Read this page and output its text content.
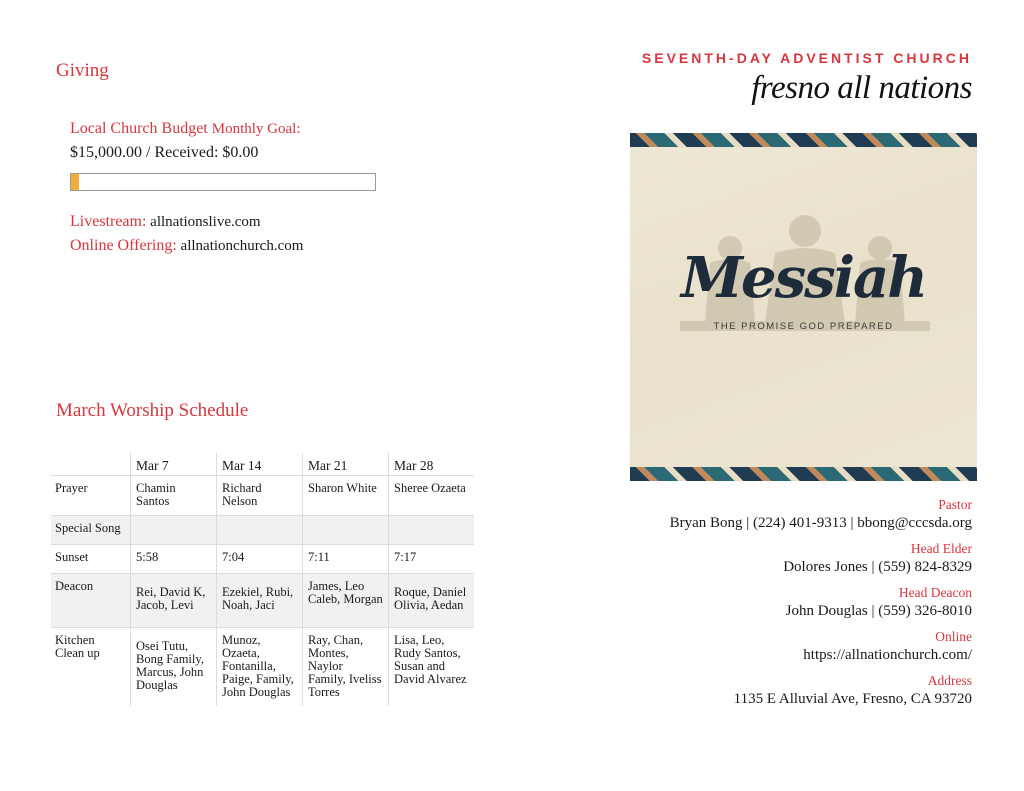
Giving
Local Church Budget Monthly Goal:
$15,000.00 / Received: $0.00
Livestream: allnationslive.com
Online Offering: allnationchurch.com
March Worship Schedule
	Mar 7	Mar 14	Mar 21	Mar 28
Prayer	Chamin Santos	Richard Nelson	Sharon White	Sheree Ozaeta
Special Song				
Sunset	5:58	7:04	7:11	7:17
Deacon	Rei, David K, Jacob, Levi	Ezekiel, Rubi, Noah, Jaci	James, Leo Caleb, Morgan	Roque, Daniel Olivia, Aedan
Kitchen Clean up	Osei Tutu, Bong Family, Marcus, John Douglas	Munoz, Ozaeta, Fontanilla, Paige, Family, John Douglas	Ray, Chan, Montes, Naylor Family, Iveliss Torres	Lisa, Leo, Rudy Santos, Susan and David Alvarez
SEVENTH-DAY ADVENTIST CHURCH
fresno all nations
Messiah
THE PROMISE GOD PREPARED
Pastor
Bryan Bong | (224) 401-9313 | bbong@cccsda.org
Head Elder
Dolores Jones | (559) 824-8329
Head Deacon
John Douglas | (559) 326-8010
Online
https://allnationchurch.com/
Address
1135 E Alluvial Ave, Fresno, CA 93720
